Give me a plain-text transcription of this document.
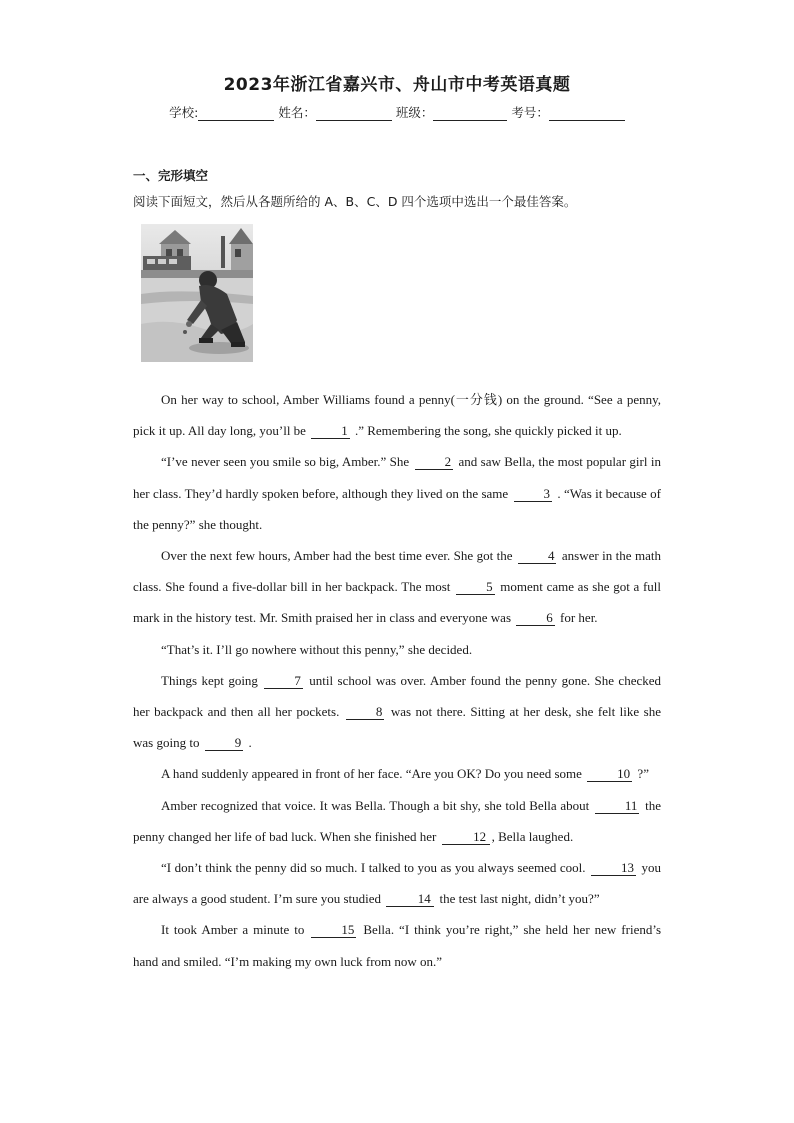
2023年浙江省嘉兴市、舟山市中考英语真题
学校:	姓名：	班级：	考号：
一、完形填空
阅读下面短文，然后从各题所给的 A、B、C、D 四个选项中选出一个最佳答案。

On her way to school, Amber Williams found a penny(一分钱) on the ground. “See a penny, pick it up. All day long, you’ll be 1 .” Remembering the song, she quickly picked it up.

“I’ve never seen you smile so big, Amber.” She 2 and saw Bella, the most popular girl in her class. They’d hardly spoken before, although they lived on the same 3 . “Was it because of the penny?” she thought.

Over the next few hours, Amber had the best time ever. She got the 4 answer in the math class. She found a five-dollar bill in her backpack. The most 5 moment came as she got a full mark in the history test. Mr. Smith praised her in class and everyone was 6 for her.

“That’s it. I’ll go nowhere without this penny,” she decided.

Things kept going 7 until school was over. Amber found the penny gone. She checked her backpack and then all her pockets. 8 was not there. Sitting at her desk, she felt like she was going to 9 .

A hand suddenly appeared in front of her face. “Are you OK? Do you need some 10 ?”

Amber recognized that voice. It was Bella. Though a bit shy, she told Bella about 11 the penny changed her life of bad luck. When she finished her	12 , Bella laughed.

“I don’t think the penny did so much. I talked to you as you always seemed cool. 13 you are always a good student. I’m sure you studied	14 the test last night, didn’t you?”

It took Amber a minute to 15 Bella. “I think you’re right,” she held her new friend’s hand and smiled. “I’m making my own luck from now on.”
